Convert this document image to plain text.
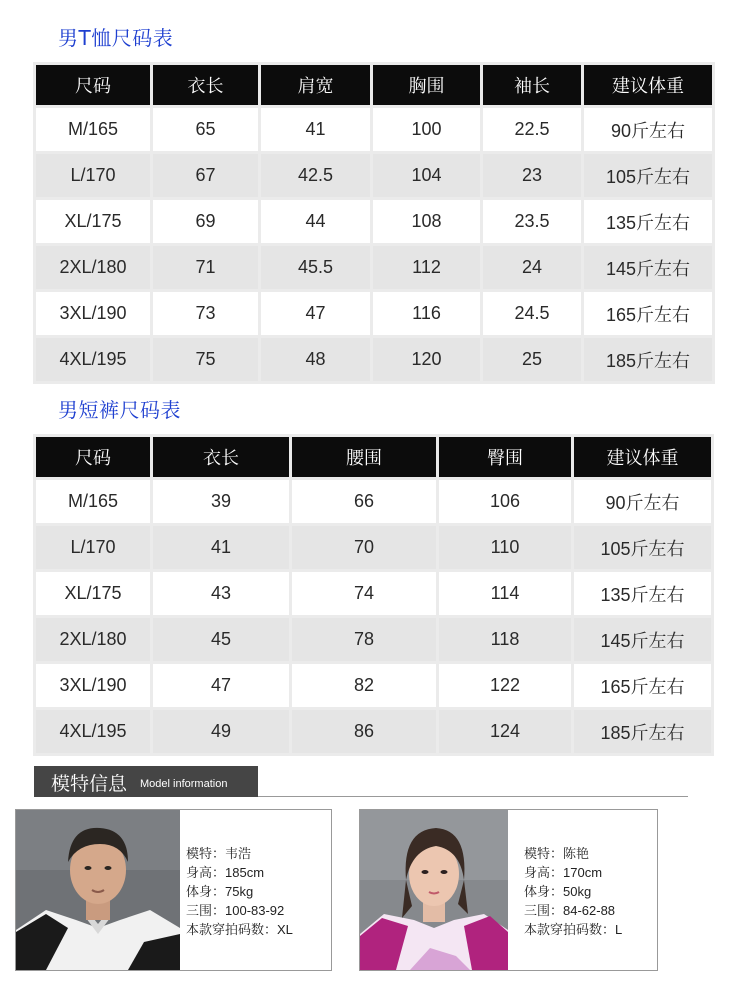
男T恤尺码表
尺码	衣长	肩宽	胸围	袖长	建议体重
M/165	65	41	100	22.5	90斤左右
L/170	67	42.5	104	23	105斤左右
XL/175	69	44	108	23.5	135斤左右
2XL/180	71	45.5	112	24	145斤左右
3XL/190	73	47	116	24.5	165斤左右
4XL/195	75	48	120	25	185斤左右
男短裤尺码表
尺码	衣长	腰围	臀围	建议体重
M/165	39	66	106	90斤左右
L/170	41	70	110	105斤左右
XL/175	43	74	114	135斤左右
2XL/180	45	78	118	145斤左右
3XL/190	47	82	122	165斤左右
4XL/195	49	86	124	185斤左右
模特信息 Model information
模特：韦浩
身高：185cm
体身：75kg
三围：100-83-92
本款穿拍码数：XL
模特：陈艳
身高：170cm
体身：50kg
三围：84-62-88
本款穿拍码数：L
